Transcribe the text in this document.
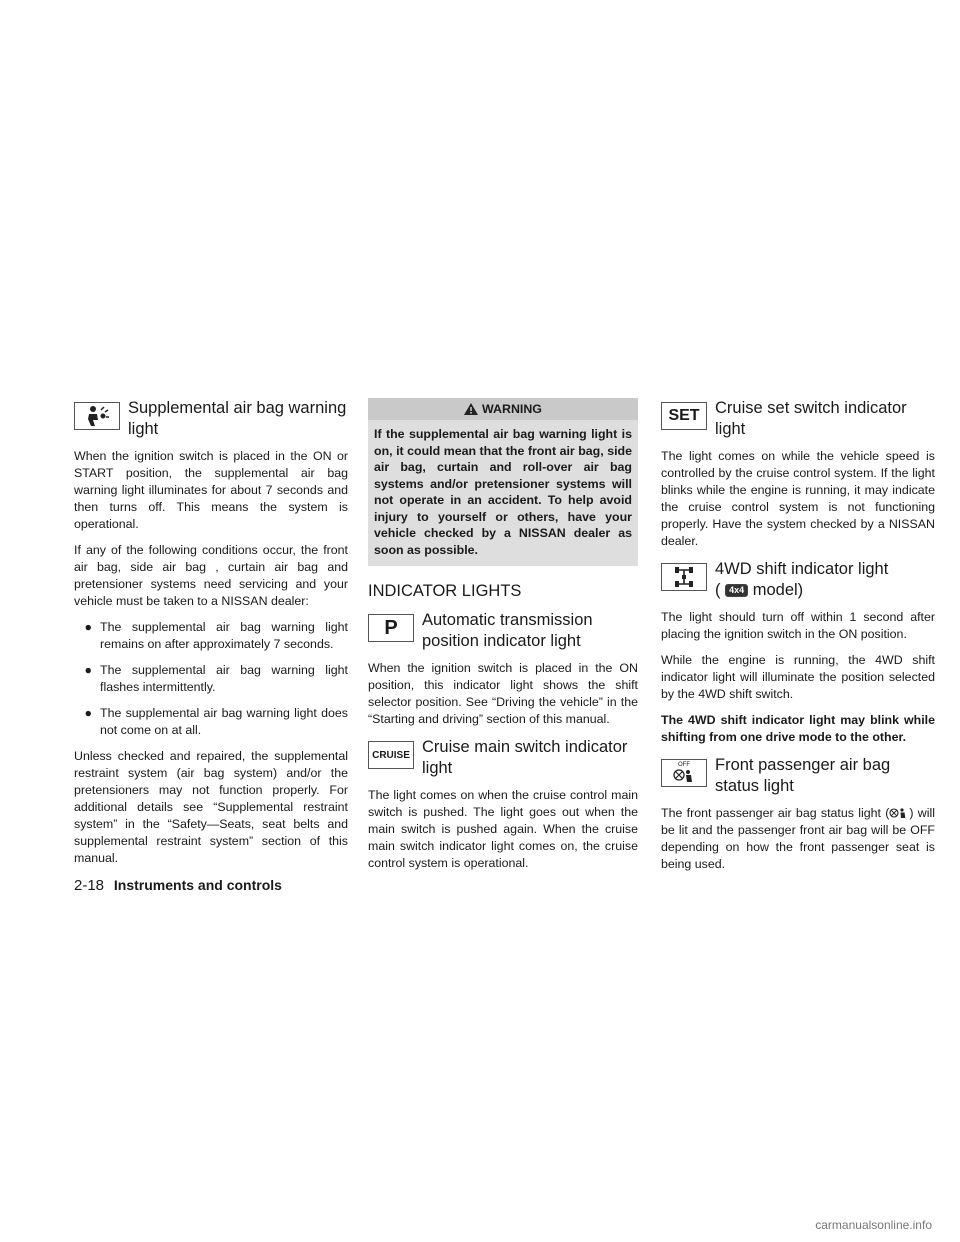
Supplemental air bag warning light

When the ignition switch is placed in the ON or START position, the supplemental air bag warning light illuminates for about 7 seconds and then turns off. This means the system is operational.

If any of the following conditions occur, the front air bag, side air bag , curtain air bag and pretensioner systems need servicing and your vehicle must be taken to a NISSAN dealer:

● The supplemental air bag warning light remains on after approximately 7 seconds.
● The supplemental air bag warning light flashes intermittently.
● The supplemental air bag warning light does not come on at all.

Unless checked and repaired, the supplemental restraint system (air bag system) and/or the pretensioners may not function properly. For additional details see “Supplemental restraint system” in the “Safety—Seats, seat belts and supplemental restraint system” section of this manual.

WARNING
If the supplemental air bag warning light is on, it could mean that the front air bag, side air bag, curtain and roll-over air bag systems and/or pretensioner systems will not operate in an accident. To help avoid injury to yourself or others, have your vehicle checked by a NISSAN dealer as soon as possible.
INDICATOR LIGHTS
P	Automatic transmission position indicator light

When the ignition switch is placed in the ON position, this indicator light shows the shift selector position. See “Driving the vehicle” in the “Starting and driving” section of this manual.

CRUISE Cruise main switch indicator light

The light comes on when the cruise control main switch is pushed. The light goes out when the main switch is pushed again. When the cruise main switch indicator light comes on, the cruise control system is operational.

SET Cruise set switch indicator light

The light comes on while the vehicle speed is controlled by the cruise control system. If the light blinks while the engine is running, it may indicate the cruise control system is not functioning properly. Have the system checked by a NISSAN dealer.

4WD shift indicator light
( 4x4 model)

The light should turn off within 1 second after placing the ignition switch in the ON position.

While the engine is running, the 4WD shift indicator light will illuminate the position selected by the 4WD shift switch.

The 4WD shift indicator light may blink while shifting from one drive mode to the other.

OFF Front passenger air bag status light

The front passenger air bag status light ( ) will be lit and the passenger front air bag will be OFF depending on how the front passenger seat is being used.

2-18 Instruments and controls
carmanualsonline.info
